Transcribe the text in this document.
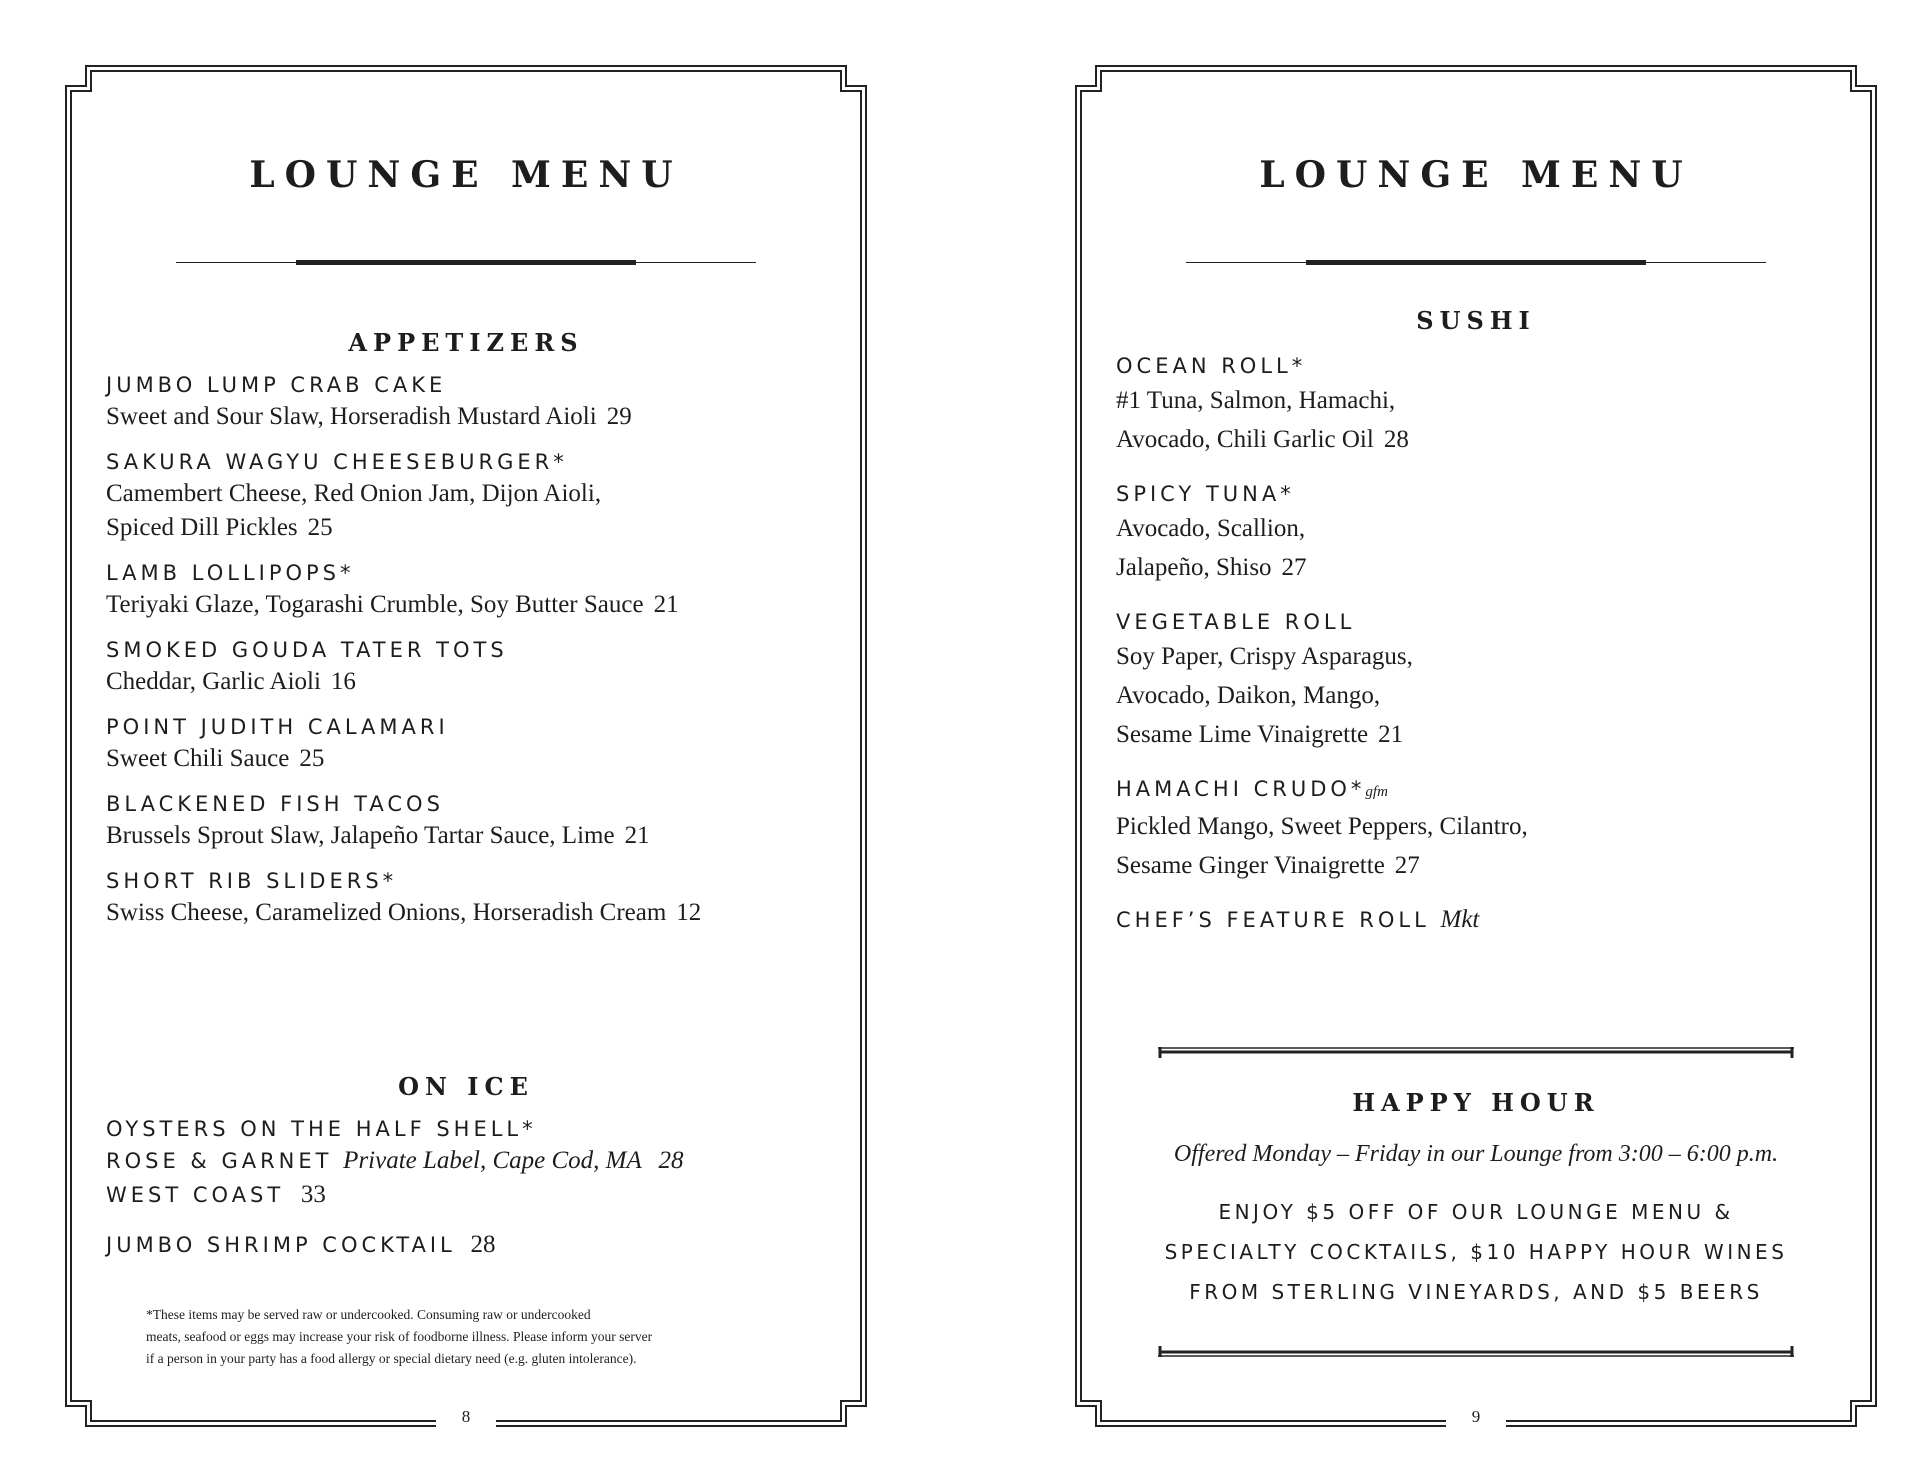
LOUNGE MENU
APPETIZERS

JUMBO LUMP CRAB CAKE

Sweet and Sour Slaw, Horseradish Mustard Aioli 29

SAKURA WAGYU CHEESEBURGER*

Camembert Cheese, Red Onion Jam, Dijon Aioli,

Spiced Dill Pickles 25

LAMB LOLLIPOPS*

Teriyaki Glaze, Togarashi Crumble, Soy Butter Sauce 21

SMOKED GOUDA TATER TOTS

Cheddar, Garlic Aioli 16

POINT JUDITH CALAMARI

Sweet Chili Sauce 25

BLACKENED FISH TACOS

Brussels Sprout Slaw, Jalapeño Tartar Sauce, Lime 21

SHORT RIB SLIDERS*

Swiss Cheese, Caramelized Onions, Horseradish Cream 12

ON ICE

OYSTERS ON THE HALF SHELL*

ROSE & GARNET Private Label, Cape Cod, MA 28

WEST COAST 33

JUMBO SHRIMP COCKTAIL 28

*These items may be served raw or undercooked. Consuming raw or undercooked

meats, seafood or eggs may increase your risk of foodborne illness. Please inform your server

if a person in your party has a food allergy or special dietary need (e.g. gluten intolerance).

8
LOUNGE MENU
SUSHI

OCEAN ROLL*

#1 Tuna, Salmon, Hamachi,

Avocado, Chili Garlic Oil 28

SPICY TUNA*

Avocado, Scallion,

Jalapeño, Shiso 27

VEGETABLE ROLL

Soy Paper, Crispy Asparagus,

Avocado, Daikon, Mango,

Sesame Lime Vinaigrette 21

HAMACHI CRUDO*gfm

Pickled Mango, Sweet Peppers, Cilantro,

Sesame Ginger Vinaigrette 27

CHEF’S FEATURE ROLL Mkt

HAPPY HOUR

Offered Monday – Friday in our Lounge from 3:00 – 6:00 p.m.

ENJOY $5 OFF OF OUR LOUNGE MENU &
SPECIALTY COCKTAILS, $10 HAPPY HOUR WINES
FROM STERLING VINEYARDS, AND $5 BEERS
9
